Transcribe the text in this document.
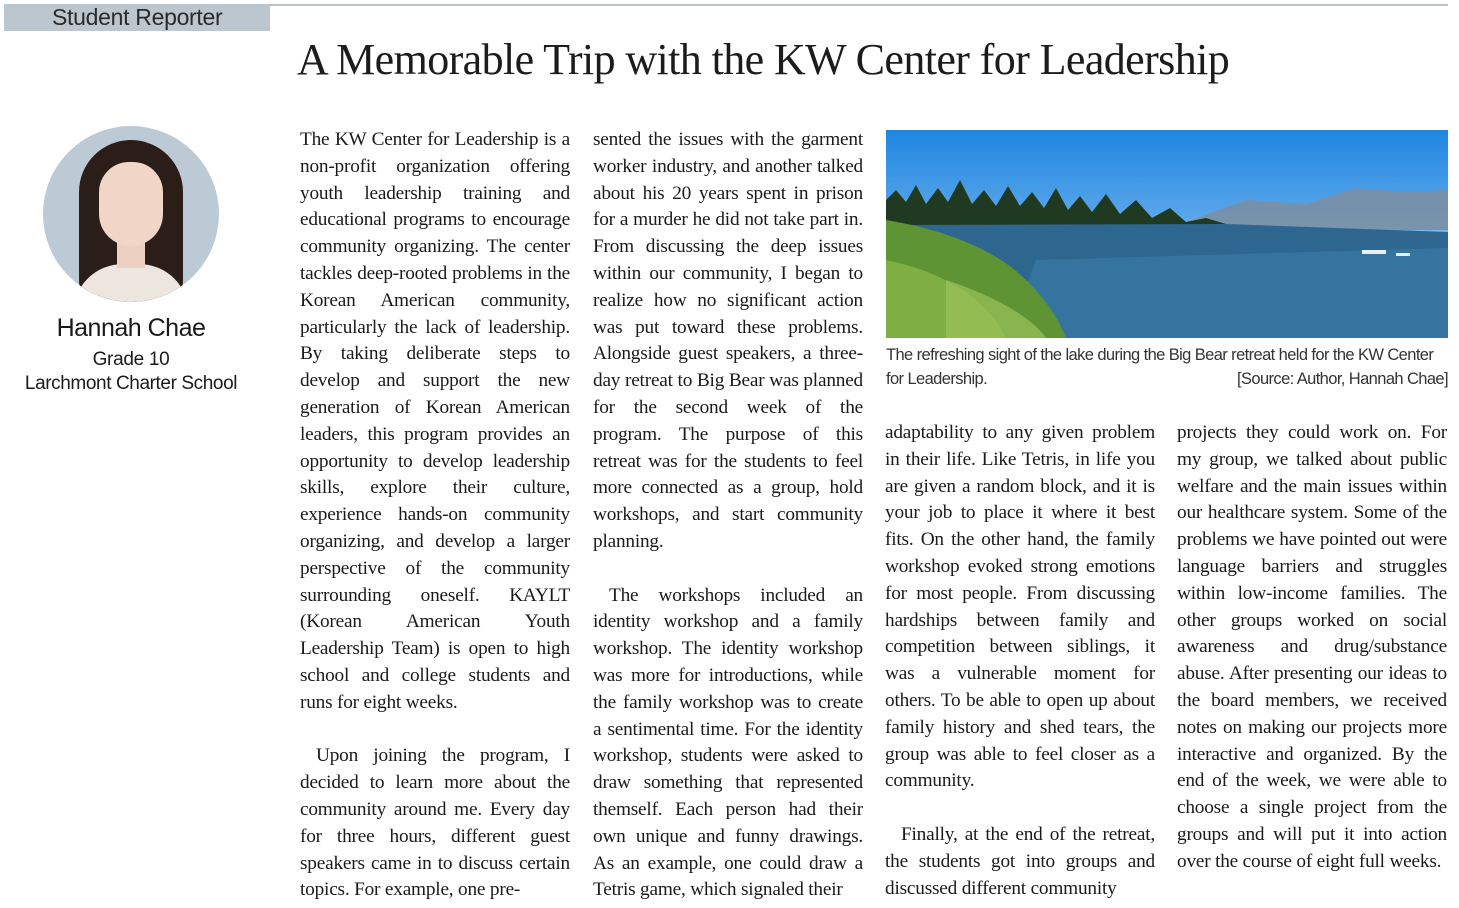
Student Reporter
A Memorable Trip with the KW Center for Leadership
Hannah Chae
Grade 10
Larchmont Charter School

The KW Center for Leadership is a non-profit organization offering youth leadership training and educational programs to encourage community organizing. The center tackles deep-rooted problems in the Korean American community, particularly the lack of leadership. By taking deliberate steps to develop and support the new generation of Korean American leaders, this program provides an opportunity to develop leadership skills, explore their culture, experience hands-on community organizing, and develop a larger perspective of the community surrounding oneself. KAYLT (Korean American Youth Leadership Team) is open to high school and college students and runs for eight weeks.

Upon joining the program, I decided to learn more about the community around me. Every day for three hours, different guest speakers came in to discuss certain topics. For example, one pre-

sented the issues with the garment worker industry, and another talked about his 20 years spent in prison for a murder he did not take part in. From discussing the deep issues within our community, I began to realize how no significant action was put toward these problems. Alongside guest speakers, a three-day retreat to Big Bear was planned for the second week of the program. The purpose of this retreat was for the students to feel more connected as a group, hold workshops, and start community planning.

The workshops included an identity workshop and a family workshop. The identity workshop was more for introductions, while the family workshop was to create a sentimental time. For the identity workshop, students were asked to draw something that represented themself. Each person had their own unique and funny drawings. As an example, one could draw a Tetris game, which signaled their

The refreshing sight of the lake during the Big Bear retreat held for the KW Center for Leadership.	[Source: Author, Hannah Chae]

adaptability to any given problem in their life. Like Tetris, in life you are given a random block, and it is your job to place it where it best fits. On the other hand, the family workshop evoked strong emotions for most people. From discussing hardships between family and competition between siblings, it was a vulnerable moment for others. To be able to open up about family history and shed tears, the group was able to feel closer as a community.

Finally, at the end of the retreat, the students got into groups and discussed different community

projects they could work on. For my group, we talked about public welfare and the main issues within our healthcare system. Some of the problems we have pointed out were language barriers and struggles within low-income families. The other groups worked on social awareness and drug/substance abuse. After presenting our ideas to the board members, we received notes on making our projects more interactive and organized. By the end of the week, we were able to choose a single project from the groups and will put it into action over the course of eight full weeks.
